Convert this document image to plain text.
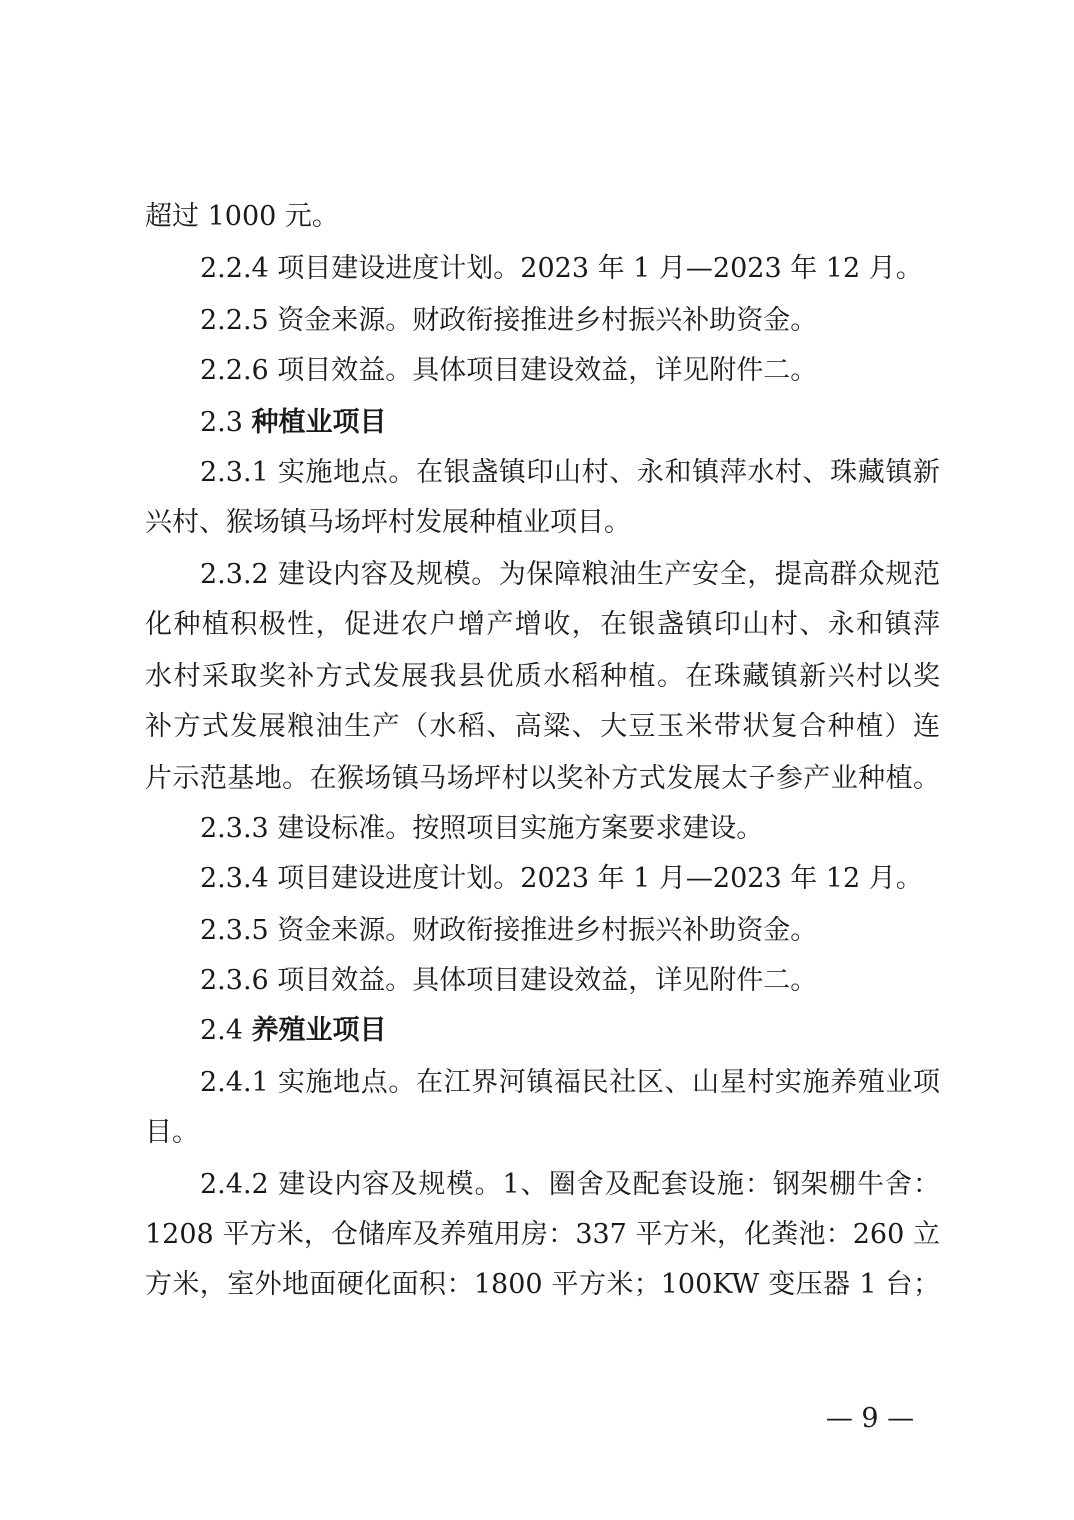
超过 1000 元。
2.2.4 项目建设进度计划。2023 年 1 月—2023 年 12 月。
2.2.5 资金来源。财政衔接推进乡村振兴补助资金。
2.2.6 项目效益。具体项目建设效益，详见附件二。
2.3 种植业项目
2.3.1 实施地点。在银盏镇印山村、永和镇萍水村、珠藏镇新
兴村、猴场镇马场坪村发展种植业项目。
2.3.2 建设内容及规模。为保障粮油生产安全，提高群众规范
化种植积极性，促进农户增产增收，在银盏镇印山村、永和镇萍
水村采取奖补方式发展我县优质水稻种植。在珠藏镇新兴村以奖
补方式发展粮油生产（水稻、高粱、大豆玉米带状复合种植）连
片示范基地。在猴场镇马场坪村以奖补方式发展太子参产业种植。
2.3.3 建设标准。按照项目实施方案要求建设。
2.3.4 项目建设进度计划。2023 年 1 月—2023 年 12 月。
2.3.5 资金来源。财政衔接推进乡村振兴补助资金。
2.3.6 项目效益。具体项目建设效益，详见附件二。
2.4 养殖业项目
2.4.1 实施地点。在江界河镇福民社区、山星村实施养殖业项
目。
2.4.2 建设内容及规模。1、圈舍及配套设施：钢架棚牛舍：
1208 平方米，仓储库及养殖用房：337 平方米，化粪池：260 立
方米，室外地面硬化面积：1800 平方米；100KW 变压器 1 台；
— 9 —
